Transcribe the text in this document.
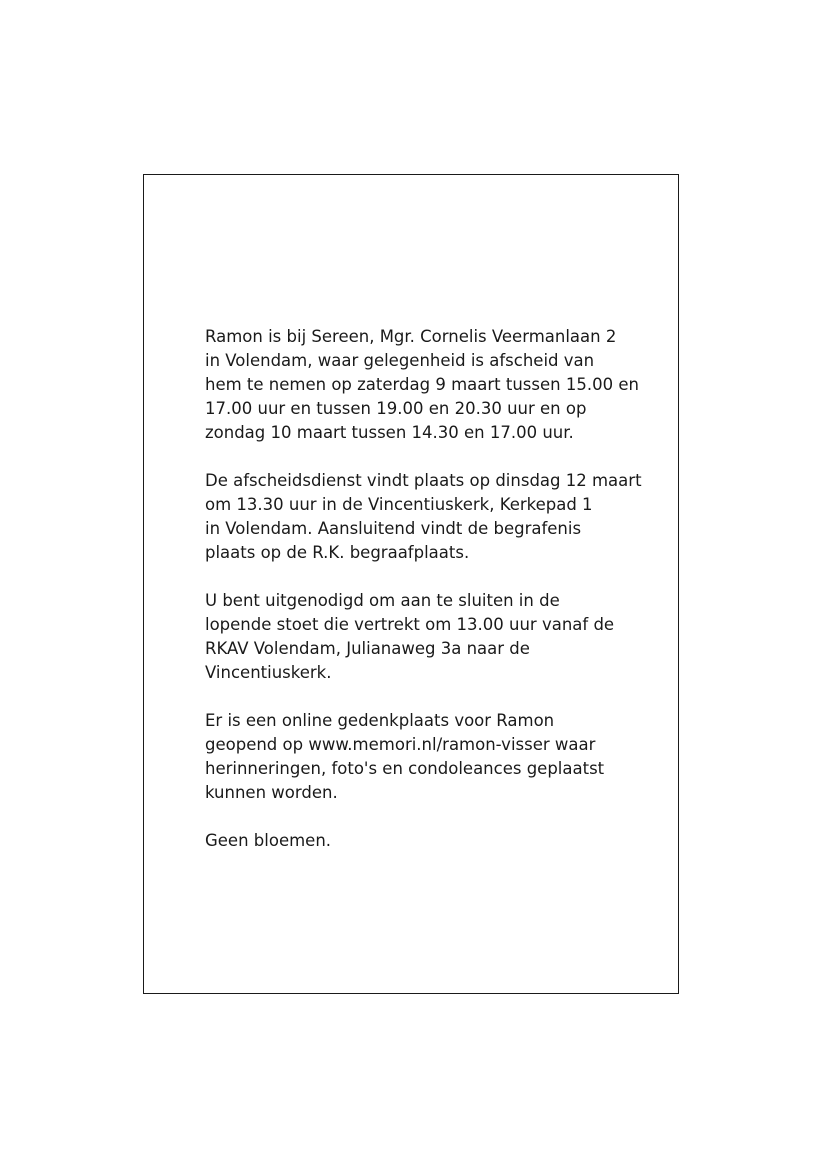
Ramon is bij Sereen, Mgr. Cornelis Veermanlaan 2
in Volendam, waar gelegenheid is afscheid van
hem te nemen op zaterdag 9 maart tussen 15.00 en
17.00 uur en tussen 19.00 en 20.30 uur en op
zondag 10 maart tussen 14.30 en 17.00 uur.

De afscheidsdienst vindt plaats op dinsdag 12 maart
om 13.30 uur in de Vincentiuskerk, Kerkepad 1
in Volendam. Aansluitend vindt de begrafenis
plaats op de R.K. begraafplaats.

U bent uitgenodigd om aan te sluiten in de
lopende stoet die vertrekt om 13.00 uur vanaf de
RKAV Volendam, Julianaweg 3a naar de
Vincentiuskerk.

Er is een online gedenkplaats voor Ramon
geopend op www.memori.nl/ramon-visser waar
herinneringen, foto's en condoleances geplaatst
kunnen worden.

Geen bloemen.
